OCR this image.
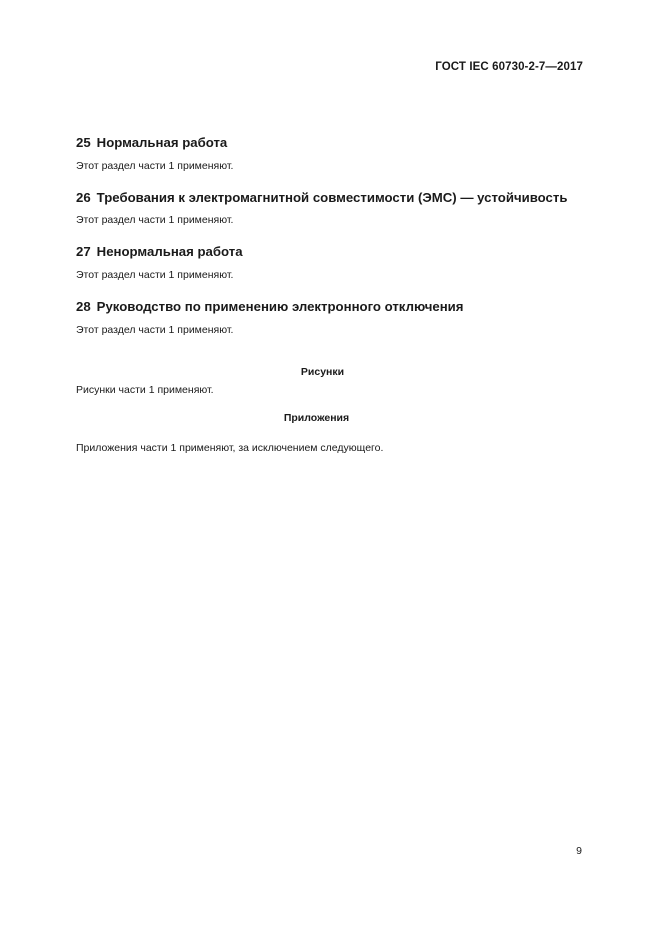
ГОСТ IEC 60730-2-7—2017
25 Нормальная работа
Этот раздел части 1 применяют.
26 Требования к электромагнитной совместимости (ЭМС) — устойчивость
Этот раздел части 1 применяют.
27 Ненормальная работа
Этот раздел части 1 применяют.
28 Руководство по применению электронного отключения
Этот раздел части 1 применяют.
Рисунки
Рисунки части 1 применяют.
Приложения
Приложения части 1 применяют, за исключением следующего.
9
